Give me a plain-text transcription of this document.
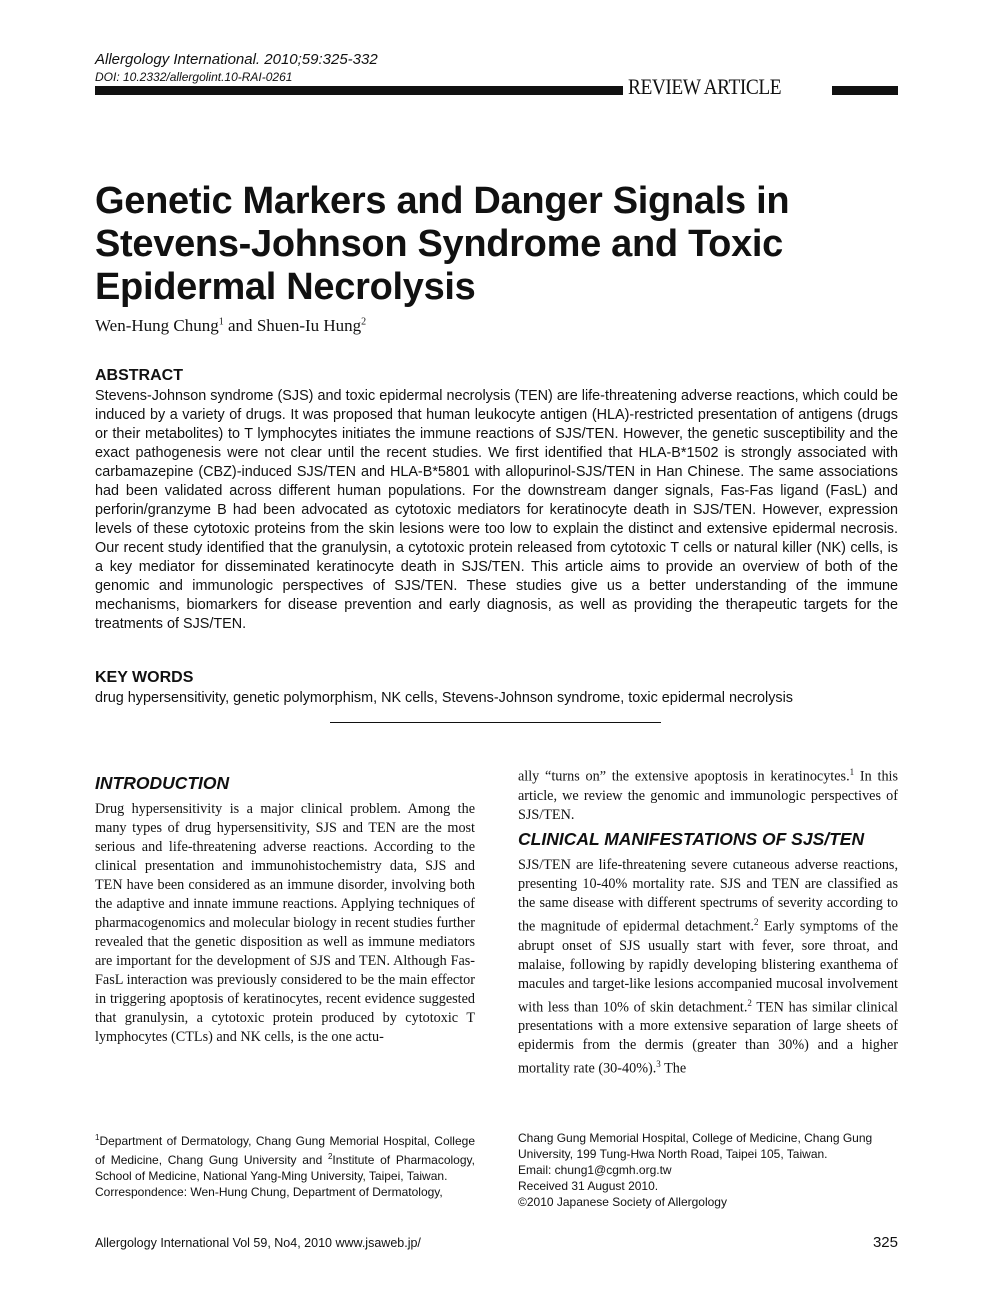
Allergology International. 2010;59:325-332
DOI: 10.2332/allergolint.10-RAI-0261	REVIEW ARTICLE
Genetic Markers and Danger Signals in Stevens-Johnson Syndrome and Toxic Epidermal Necrolysis
Wen-Hung Chung$^1$ and Shuen-Iu Hung$^2$
ABSTRACT
Stevens-Johnson syndrome (SJS) and toxic epidermal necrolysis (TEN) are life-threatening adverse reactions, which could be induced by a variety of drugs. It was proposed that human leukocyte antigen (HLA)-restricted presentation of antigens (drugs or their metabolites) to T lymphocytes initiates the immune reactions of SJS/TEN. However, the genetic susceptibility and the exact pathogenesis were not clear until the recent studies. We first identified that HLA-B*1502 is strongly associated with carbamazepine (CBZ)-induced SJS/TEN and HLA-B*5801 with allopurinol-SJS/TEN in Han Chinese. The same associations had been validated across different human populations. For the downstream danger signals, Fas-Fas ligand (FasL) and perforin/granzyme B had been advocated as cytotoxic mediators for keratinocyte death in SJS/TEN. However, expression levels of these cytotoxic proteins from the skin lesions were too low to explain the distinct and extensive epidermal necrosis. Our recent study identified that the granulysin, a cytotoxic protein released from cytotoxic T cells or natural killer (NK) cells, is a key mediator for disseminated keratinocyte death in SJS/TEN. This article aims to provide an overview of both of the genomic and immunologic perspectives of SJS/TEN. These studies give us a better understanding of the immune mechanisms, biomarkers for disease prevention and early diagnosis, as well as providing the therapeutic targets for the treatments of SJS/TEN.
KEY WORDS
drug hypersensitivity, genetic polymorphism, NK cells, Stevens-Johnson syndrome, toxic epidermal necrolysis
INTRODUCTION

Drug hypersensitivity is a major clinical problem. Among the many types of drug hypersensitivity, SJS and TEN are the most serious and life-threatening adverse reactions. According to the clinical presentation and immunohistochemistry data, SJS and TEN have been considered as an immune disorder, involving both the adaptive and innate immune reactions. Applying techniques of pharmacogenomics and molecular biology in recent studies further revealed that the genetic disposition as well as immune mediators are important for the development of SJS and TEN. Although Fas-FasL interaction was previously considered to be the main effector in triggering apoptosis of keratinocytes, recent evidence suggested that granulysin, a cytotoxic protein produced by cytotoxic T lymphocytes (CTLs) and NK cells, is the one actu-

ally “turns on” the extensive apoptosis in keratinocytes.$^1$ In this article, we review the genomic and immunologic perspectives of SJS/TEN.

CLINICAL MANIFESTATIONS OF SJS/TEN

SJS/TEN are life-threatening severe cutaneous adverse reactions, presenting 10-40% mortality rate. SJS and TEN are classified as the same disease with different spectrums of severity according to the magnitude of epidermal detachment.$^2$ Early symptoms of the abrupt onset of SJS usually start with fever, sore throat, and malaise, following by rapidly developing blistering exanthema of macules and target-like lesions accompanied mucosal involvement with less than 10% of skin detachment.$^2$ TEN has similar clinical presentations with a more extensive separation of large sheets of epidermis from the dermis (greater than 30%) and a higher mortality rate (30-40%).$^3$ The

$^1$Department of Dermatology, Chang Gung Memorial Hospital, College of Medicine, Chang Gung University and $^2$Institute of Pharmacology, School of Medicine, National Yang-Ming University, Taipei, Taiwan.
Correspondence: Wen-Hung Chung, Department of Dermatology,
Chang Gung Memorial Hospital, College of Medicine, Chang Gung University, 199 Tung-Hwa North Road, Taipei 105, Taiwan.
Email: chung1@cgmh.org.tw
Received 31 August 2010.
©2010 Japanese Society of Allergology
Allergology International Vol 59, No4, 2010 www.jsaweb.jp/	325
